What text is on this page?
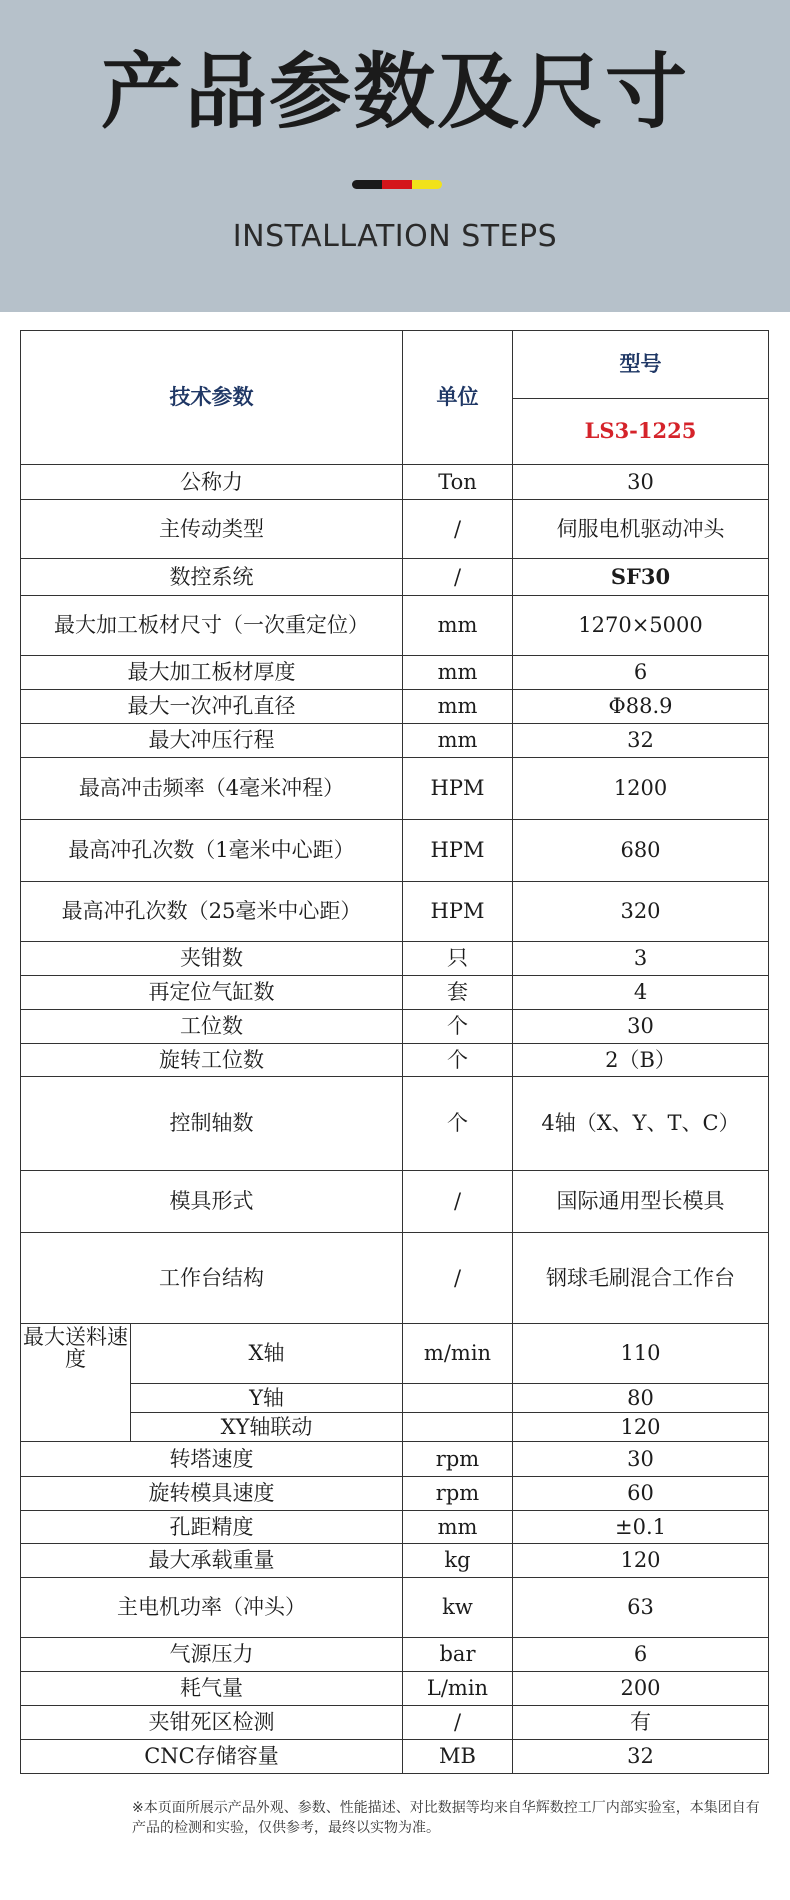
产品参数及尺寸
INSTALLATION STEPS
技术参数		单位	型号
			LS3-1225
公称力		Ton	30
主传动类型		/	伺服电机驱动冲头
数控系统		/	SF30
最大加工板材尺寸（一次重定位）		mm	1270×5000
最大加工板材厚度		mm	6
最大一次冲孔直径		mm	Φ88.9
最大冲压行程		mm	32
最高冲击频率（4毫米冲程）		HPM	1200
最高冲孔次数（1毫米中心距）		HPM	680
最高冲孔次数（25毫米中心距）		HPM	320
夹钳数		只	3
再定位气缸数		套	4
工位数		个	30
旋转工位数		个	2（B）
控制轴数		个	4轴（X、Y、T、C）
模具形式		/	国际通用型长模具
工作台结构		/	钢球毛刷混合工作台
最大送料速度	X轴	m/min	110
	Y轴		80
	XY轴联动		120
转塔速度		rpm	30
旋转模具速度		rpm	60
孔距精度		mm	±0.1
最大承载重量		kg	120
主电机功率（冲头）		kw	63
气源压力		bar	6
耗气量		L/min	200
夹钳死区检测		/	有
CNC存储容量		MB	32
※本页面所展示产品外观、参数、性能描述、对比数据等均来自华辉数控工厂内部实验室，本集团自有产品的检测和实验，仅供参考，最终以实物为准。
